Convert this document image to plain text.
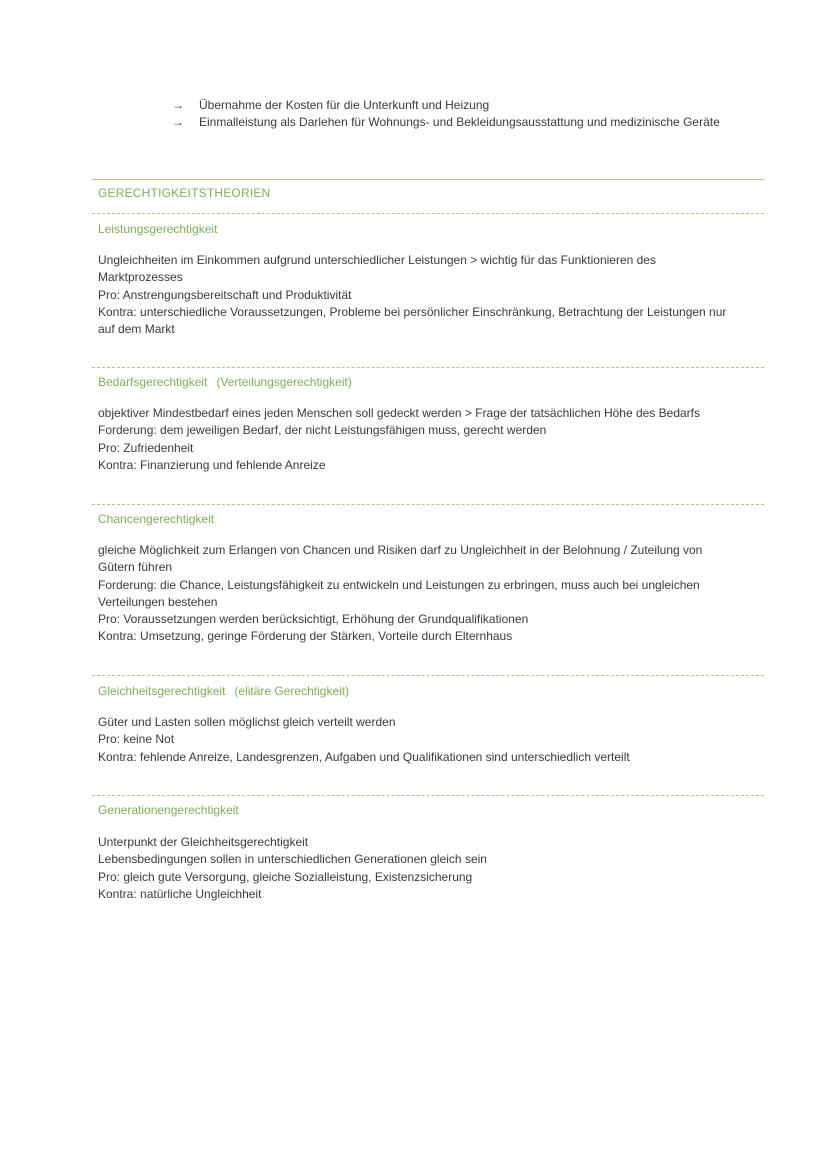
→ Übernahme der Kosten für die Unterkunft und Heizung
→ Einmalleistung als Darlehen für Wohnungs- und Bekleidungsausstattung und medizinische Geräte
GERECHTIGKEITSTHEORIEN
Leistungsgerechtigkeit

Ungleichheiten im Einkommen aufgrund unterschiedlicher Leistungen > wichtig für das Funktionieren des Marktprozesses

Pro: Anstrengungsbereitschaft und Produktivität

Kontra: unterschiedliche Voraussetzungen, Probleme bei persönlicher Einschränkung, Betrachtung der Leistungen nur auf dem Markt

Bedarfsgerechtigkeit (Verteilungsgerechtigkeit)

objektiver Mindestbedarf eines jeden Menschen soll gedeckt werden > Frage der tatsächlichen Höhe des Bedarfs

Forderung: dem jeweiligen Bedarf, der nicht Leistungsfähigen muss, gerecht werden

Pro: Zufriedenheit

Kontra: Finanzierung und fehlende Anreize

Chancengerechtigkeit

gleiche Möglichkeit zum Erlangen von Chancen und Risiken darf zu Ungleichheit in der Belohnung / Zuteilung von Gütern führen

Forderung: die Chance, Leistungsfähigkeit zu entwickeln und Leistungen zu erbringen, muss auch bei ungleichen Verteilungen bestehen

Pro: Voraussetzungen werden berücksichtigt, Erhöhung der Grundqualifikationen

Kontra: Umsetzung, geringe Förderung der Stärken, Vorteile durch Elternhaus

Gleichheitsgerechtigkeit (elitäre Gerechtigkeit)

Güter und Lasten sollen möglichst gleich verteilt werden

Pro: keine Not

Kontra: fehlende Anreize, Landesgrenzen, Aufgaben und Qualifikationen sind unterschiedlich verteilt

Generationengerechtigkeit

Unterpunkt der Gleichheitsgerechtigkeit

Lebensbedingungen sollen in unterschiedlichen Generationen gleich sein

Pro: gleich gute Versorgung, gleiche Sozialleistung, Existenzsicherung

Kontra: natürliche Ungleichheit
